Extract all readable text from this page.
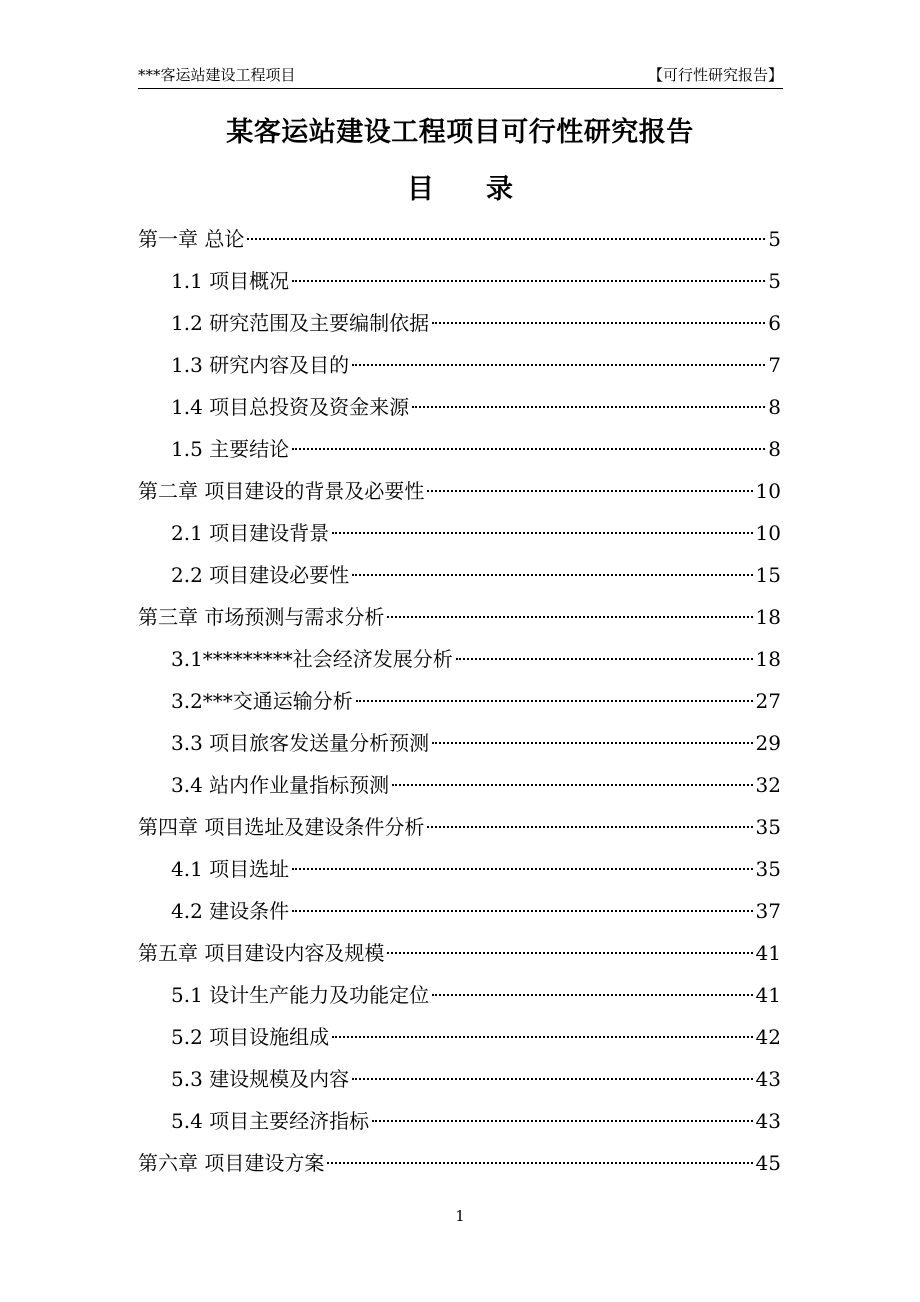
***客运站建设工程项目	【可行性研究报告】
某客运站建设工程项目可行性研究报告
目录
第一章 总论	5
1.1 项目概况	5
1.2 研究范围及主要编制依据	6
1.3 研究内容及目的	7
1.4 项目总投资及资金来源	8
1.5 主要结论	8
第二章 项目建设的背景及必要性	10
2.1 项目建设背景	10
2.2 项目建设必要性	15
第三章 市场预测与需求分析	18
3.1*********社会经济发展分析	18
3.2***交通运输分析	27
3.3 项目旅客发送量分析预测	29
3.4 站内作业量指标预测	32
第四章 项目选址及建设条件分析	35
4.1 项目选址	35
4.2 建设条件	37
第五章 项目建设内容及规模	41
5.1 设计生产能力及功能定位	41
5.2 项目设施组成	42
5.3 建设规模及内容	43
5.4 项目主要经济指标	43
第六章 项目建设方案	45
1
